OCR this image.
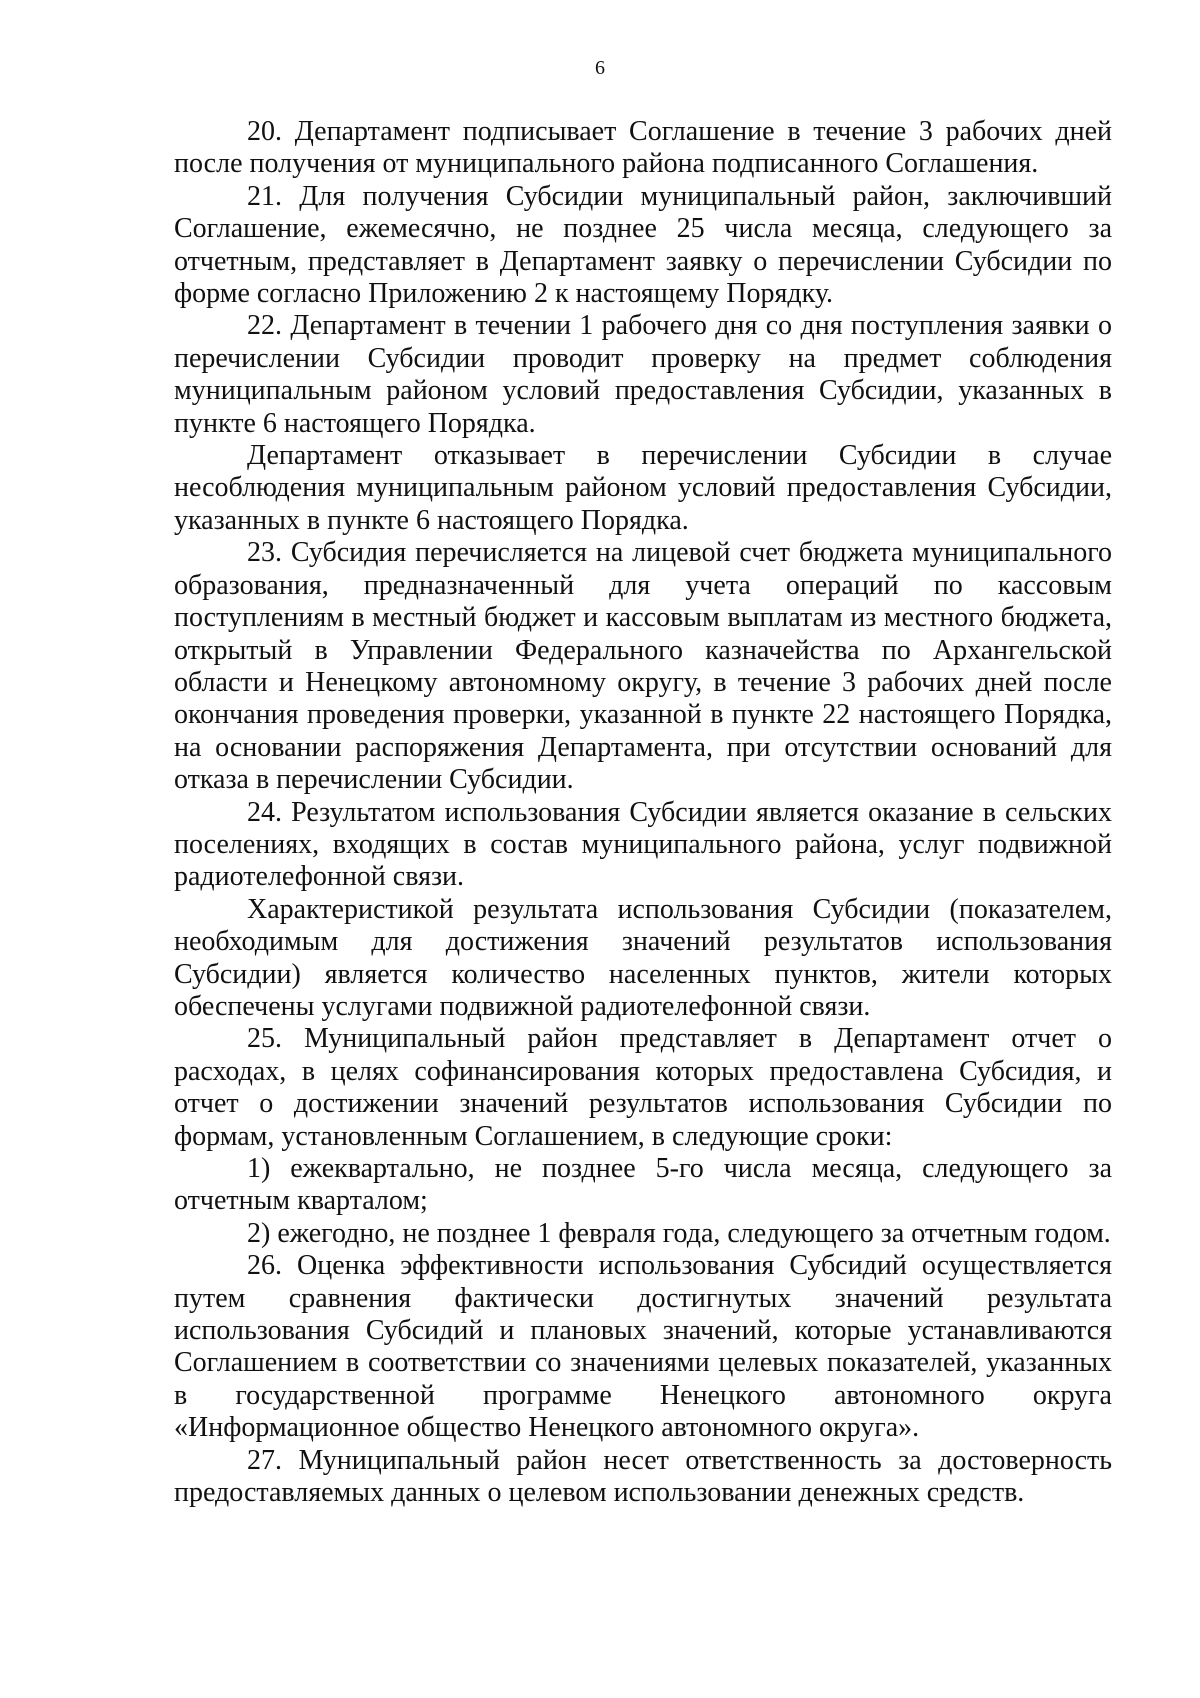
6

20. Департамент подписывает Соглашение в течение 3 рабочих дней после получения от муниципального района подписанного Соглашения.

21. Для получения Субсидии муниципальный район, заключивший Соглашение, ежемесячно, не позднее 25 числа месяца, следующего за отчетным, представляет в Департамент заявку о перечислении Субсидии по форме согласно Приложению 2 к настоящему Порядку.

22. Департамент в течении 1 рабочего дня со дня поступления заявки о перечислении Субсидии проводит проверку на предмет соблюдения муниципальным районом условий предоставления Субсидии, указанных в пункте 6 настоящего Порядка.

Департамент отказывает в перечислении Субсидии в случае несоблюдения муниципальным районом условий предоставления Субсидии, указанных в пункте 6 настоящего Порядка.

23. Субсидия перечисляется на лицевой счет бюджета муниципального образования, предназначенный для учета операций по кассовым поступлениям в местный бюджет и кассовым выплатам из местного бюджета, открытый в Управлении Федерального казначейства по Архангельской области и Ненецкому автономному округу, в течение 3 рабочих дней после окончания проведения проверки, указанной в пункте 22 настоящего Порядка, на основании распоряжения Департамента, при отсутствии оснований для отказа в перечислении Субсидии.

24. Результатом использования Субсидии является оказание в сельских поселениях, входящих в состав муниципального района, услуг подвижной радиотелефонной связи.

Характеристикой результата использования Субсидии (показателем, необходимым для достижения значений результатов использования Субсидии) является количество населенных пунктов, жители которых обеспечены услугами подвижной радиотелефонной связи.

25. Муниципальный район представляет в Департамент отчет о расходах, в целях софинансирования которых предоставлена Субсидия, и отчет о достижении значений результатов использования Субсидии по формам, установленным Соглашением, в следующие сроки:

1) ежеквартально, не позднее 5-го числа месяца, следующего за отчетным кварталом;

2) ежегодно, не позднее 1 февраля года, следующего за отчетным годом.

26. Оценка эффективности использования Субсидий осуществляется путем сравнения фактически достигнутых значений результата использования Субсидий и плановых значений, которые устанавливаются Соглашением в соответствии со значениями целевых показателей, указанных в государственной программе Ненецкого автономного округа «Информационное общество Ненецкого автономного округа».

27. Муниципальный район несет ответственность за достоверность предоставляемых данных о целевом использовании денежных средств.
